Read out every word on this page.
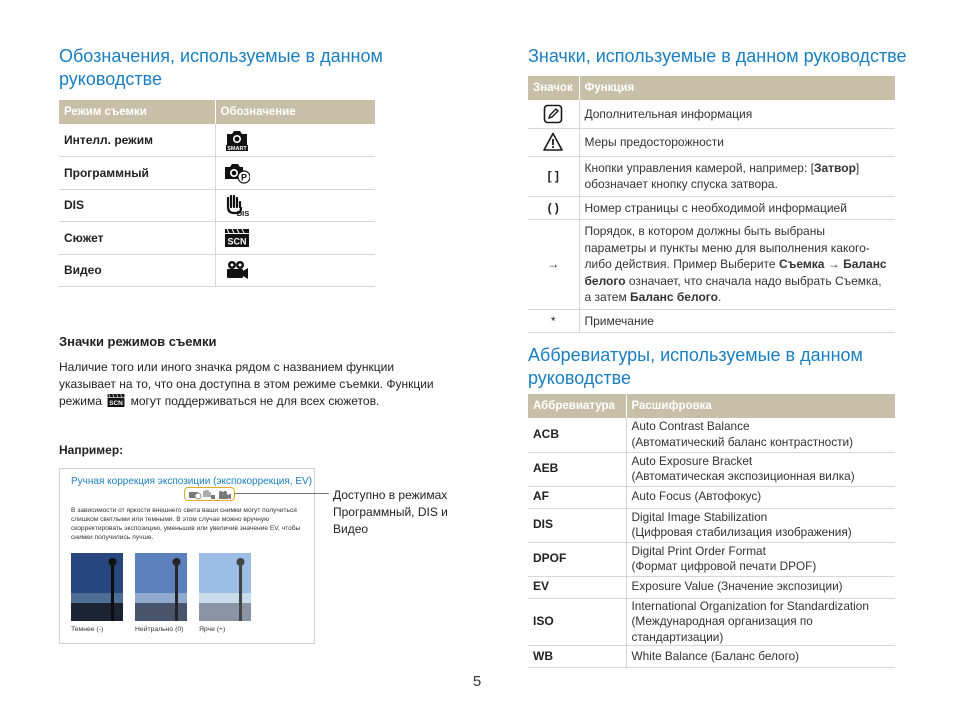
Обозначения, используемые в данном руководстве
Режим съемки	Обозначение
Интелл. режим	SMART

Программный	P

DIS	DIS

Сюжет	SCN

Видео	
Значки режимов съемки
Наличие того или иного значка рядом с названием функции указывает на то, что она доступна в этом режиме съемки. Функции режима SCN могут поддерживаться не для всех сюжетов.
Например:
Ручная коррекция экспозиции (экспокоррекция, EV)
В зависимости от яркости внешнего света ваши снимки могут получиться слишком светлыми или темными. В этом случае можно вручную скорректировать экспозицию, уменьшив или увеличив значение EV, чтобы снимки получились лучше.
Темнее (-)	Нейтрально (0) Ярче (+)
Доступно в режимах Программный, DIS и Видео
Значки, используемые в данном руководстве
Значок	Функция
	Дополнительная информация
	Меры предосторожности
[ ]	Кнопки управления камерой, например: [Затвор] обозначает кнопку спуска затвора.
( )	Номер страницы с необходимой информацией
→	Порядок, в котором должны быть выбраны параметры и пункты меню для выполнения какого-либо действия. Пример Выберите Съемка → Баланс белого означает, что сначала надо выбрать Съемка, а затем Баланс белого.
*	Примечание
Аббревиатуры, используемые в данном руководстве
Аббревиатура	Расшифровка
ACB	Auto Contrast Balance
(Автоматический баланс контрастности)

AEB	Auto Exposure Bracket
(Автоматическая экспозиционная вилка)

AF	Auto Focus (Автофокус)

DIS	Digital Image Stabilization
(Цифровая стабилизация изображения)

DPOF	Digital Print Order Format
(Формат цифровой печати DPOF)

EV	Exposure Value (Значение экспозиции)

ISO	International Organization for Standardization
(Международная организация по стандартизации)

WB	White Balance (Баланс белого)
5
